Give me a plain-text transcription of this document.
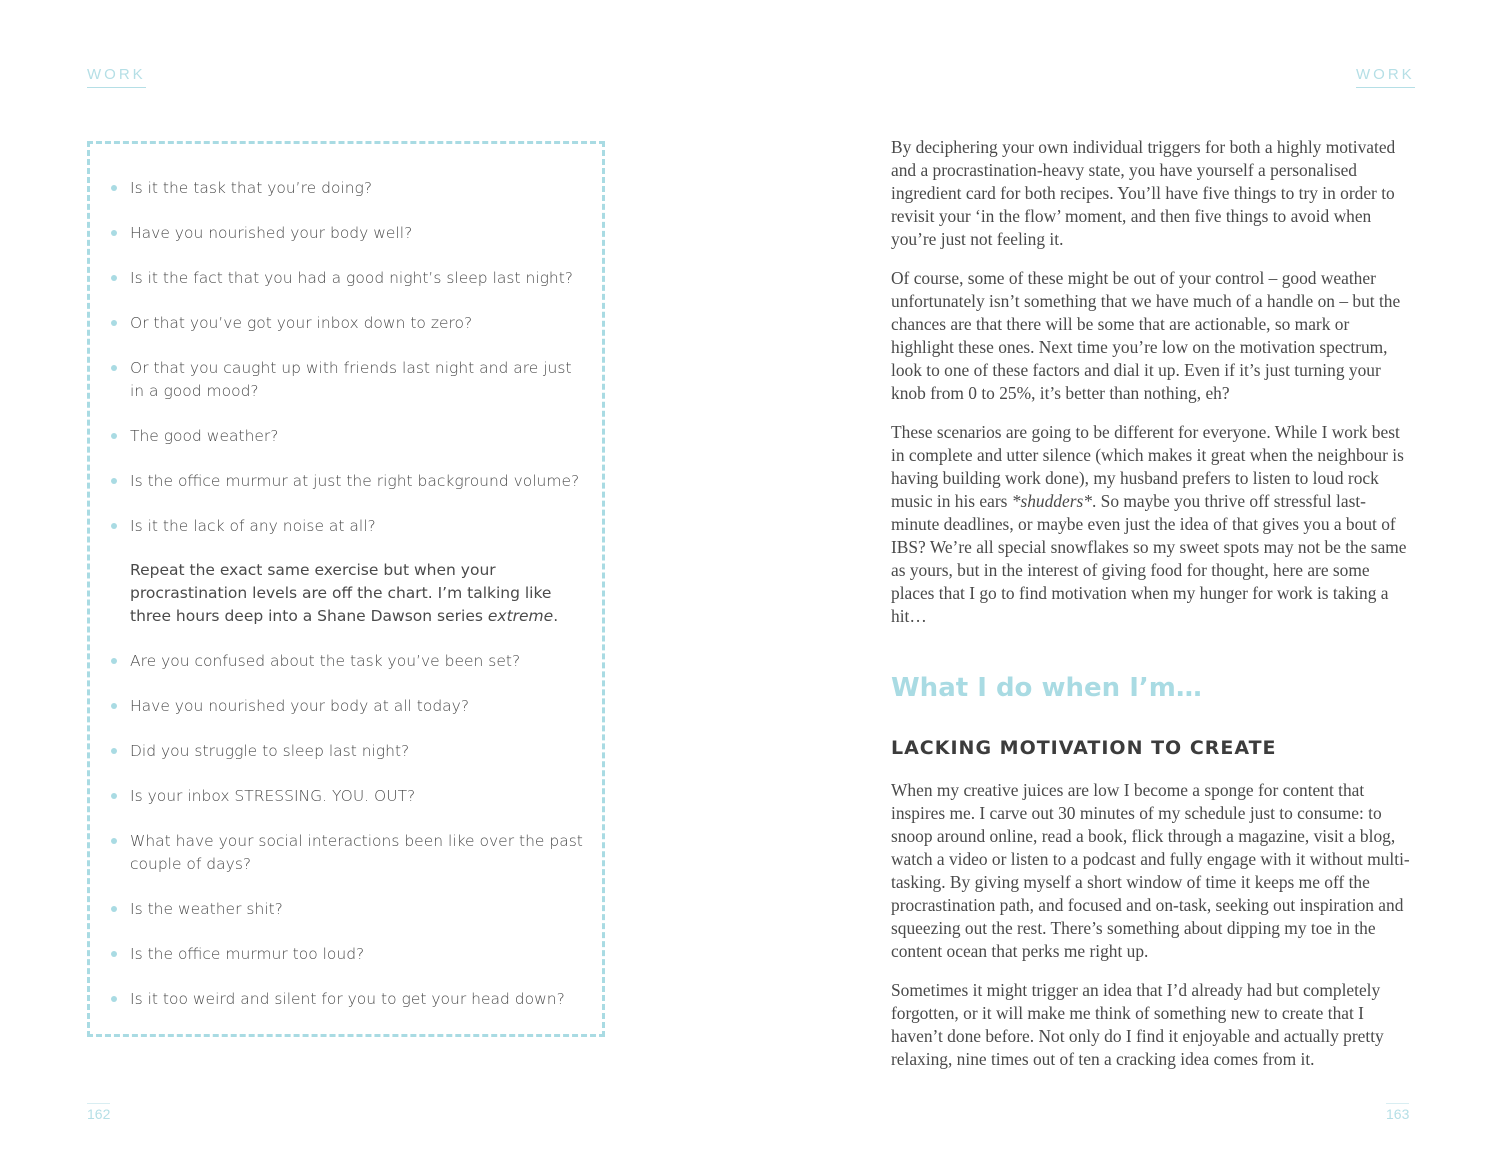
WORK
Is it the task that you’re doing?
Have you nourished your body well?
Is it the fact that you had a good night’s sleep last night?
Or that you’ve got your inbox down to zero?
Or that you caught up with friends last night and are just in a good mood?
The good weather?
Is the office murmur at just the right background volume?
Is it the lack of any noise at all?
Repeat the exact same exercise but when your procrastination levels are off the chart. I’m talking like three hours deep into a Shane Dawson series extreme.
Are you confused about the task you’ve been set?
Have you nourished your body at all today?
Did you struggle to sleep last night?
Is your inbox STRESSING. YOU. OUT?
What have your social interactions been like over the past couple of days?
Is the weather shit?
Is the office murmur too loud?
Is it too weird and silent for you to get your head down?
162
WORK

By deciphering your own individual triggers for both a highly motivated and a procrastination-heavy state, you have yourself a personalised ingredient card for both recipes. You’ll have five things to try in order to revisit your ‘in the flow’ moment, and then five things to avoid when you’re just not feeling it.

Of course, some of these might be out of your control – good weather unfortunately isn’t something that we have much of a handle on – but the chances are that there will be some that are actionable, so mark or highlight these ones. Next time you’re low on the motivation spectrum, look to one of these factors and dial it up. Even if it’s just turning your knob from 0 to 25%, it’s better than nothing, eh?

These scenarios are going to be different for everyone. While I work best in complete and utter silence (which makes it great when the neighbour is having building work done), my husband prefers to listen to loud rock music in his ears *shudders*. So maybe you thrive off stressful last-minute deadlines, or maybe even just the idea of that gives you a bout of IBS? We’re all special snowflakes so my sweet spots may not be the same as yours, but in the interest of giving food for thought, here are some places that I go to find motivation when my hunger for work is taking a hit…

What I do when I’m…
LACKING MOTIVATION TO CREATE

When my creative juices are low I become a sponge for content that inspires me. I carve out 30 minutes of my schedule just to consume: to snoop around online, read a book, flick through a magazine, visit a blog, watch a video or listen to a podcast and fully engage with it without multi-tasking. By giving myself a short window of time it keeps me off the procrastination path, and focused and on-task, seeking out inspiration and squeezing out the rest. There’s something about dipping my toe in the content ocean that perks me right up.

Sometimes it might trigger an idea that I’d already had but completely forgotten, or it will make me think of something new to create that I haven’t done before. Not only do I find it enjoyable and actually pretty relaxing, nine times out of ten a cracking idea comes from it.

163
